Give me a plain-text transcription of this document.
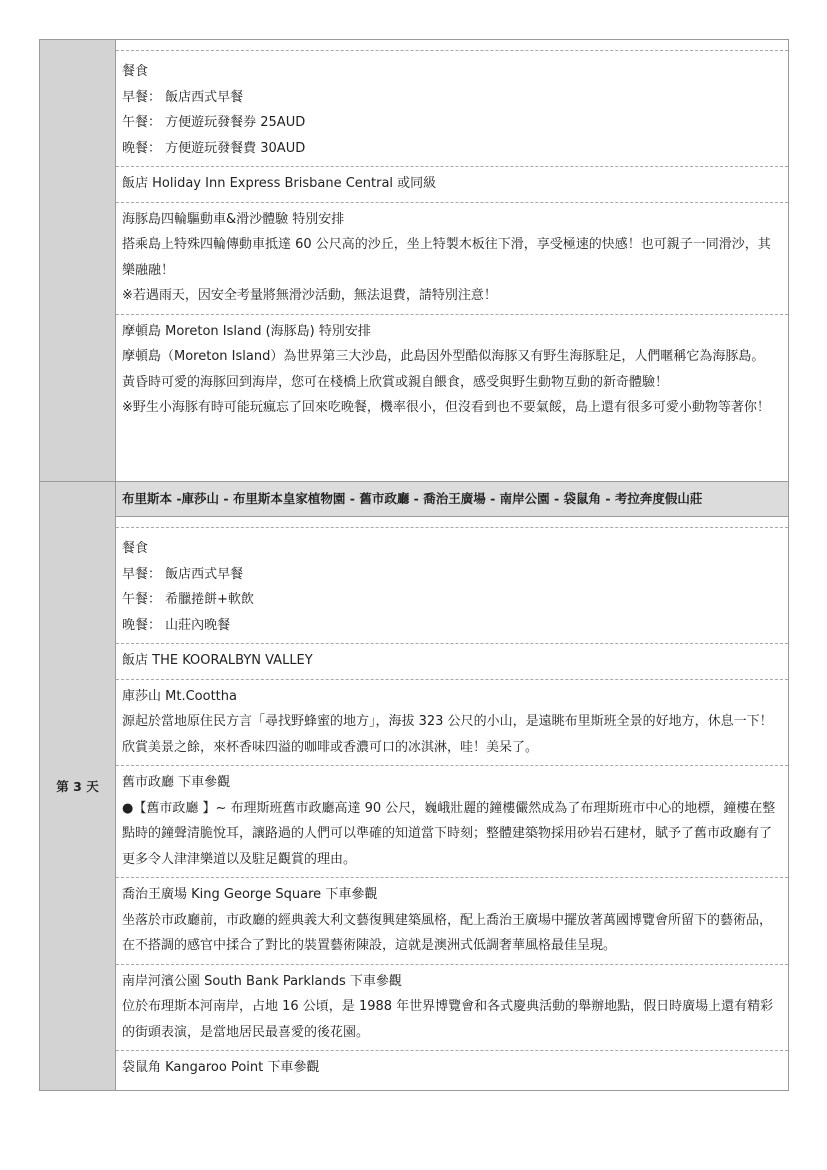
餐食
早餐： 飯店西式早餐
午餐： 方便遊玩發餐券 25AUD
晚餐： 方便遊玩發餐費 30AUD
飯店 Holiday Inn Express Brisbane Central 或同級
海豚島四輪驅動車&滑沙體驗 特別安排
搭乘島上特殊四輪傳動車抵達 60 公尺高的沙丘，坐上特製木板往下滑，享受極速的快感！也可親子一同滑沙，其樂融融！
※若遇雨天，因安全考量將無滑沙活動，無法退費，請特別注意！
摩頓島 Moreton Island (海豚島) 特別安排
摩頓島（Moreton Island）為世界第三大沙島，此島因外型酷似海豚又有野生海豚駐足，人們暱稱它為海豚島。
黃昏時可愛的海豚回到海岸，您可在棧橋上欣賞或親自餵食，感受與野生動物互動的新奇體驗！
※野生小海豚有時可能玩瘋忘了回來吃晚餐，機率很小，但沒看到也不要氣餒，島上還有很多可愛小動物等著你！
第 3 天
布里斯本 -庫莎山 - 布里斯本皇家植物園 - 舊市政廳 - 喬治王廣場 - 南岸公園 - 袋鼠角 - 考拉奔度假山莊
餐食
早餐： 飯店西式早餐
午餐： 希臘捲餅+軟飲
晚餐： 山莊內晚餐
飯店 THE KOORALBYN VALLEY
庫莎山 Mt.Coottha
源起於當地原住民方言「尋找野蜂蜜的地方」，海拔 323 公尺的小山，是遠眺布里斯班全景的好地方，休息一下！欣賞美景之餘，來杯香味四溢的咖啡或香濃可口的冰淇淋，哇！美呆了。
舊市政廳 下車參觀
●【舊市政廳 】~ 布理斯班舊市政廳高達 90 公尺，巍峨壯麗的鐘樓儼然成為了布理斯班市中心的地標，鐘樓在整點時的鐘聲清脆悅耳，讓路過的人們可以準確的知道當下時刻；整體建築物採用砂岩石建材，賦予了舊市政廳有了更多令人津津樂道以及駐足觀賞的理由。
喬治王廣場 King George Square 下車參觀
坐落於市政廳前，市政廳的經典義大利文藝復興建築風格，配上喬治王廣場中擺放著萬國博覽會所留下的藝術品，在不搭調的感官中揉合了對比的裝置藝術陳設，這就是澳洲式低調奢華風格最佳呈現。
南岸河濱公園 South Bank Parklands 下車參觀
位於布理斯本河南岸，占地 16 公頃，是 1988 年世界博覽會和各式慶典活動的舉辦地點，假日時廣場上還有精彩的街頭表演，是當地居民最喜愛的後花園。
袋鼠角 Kangaroo Point 下車參觀
